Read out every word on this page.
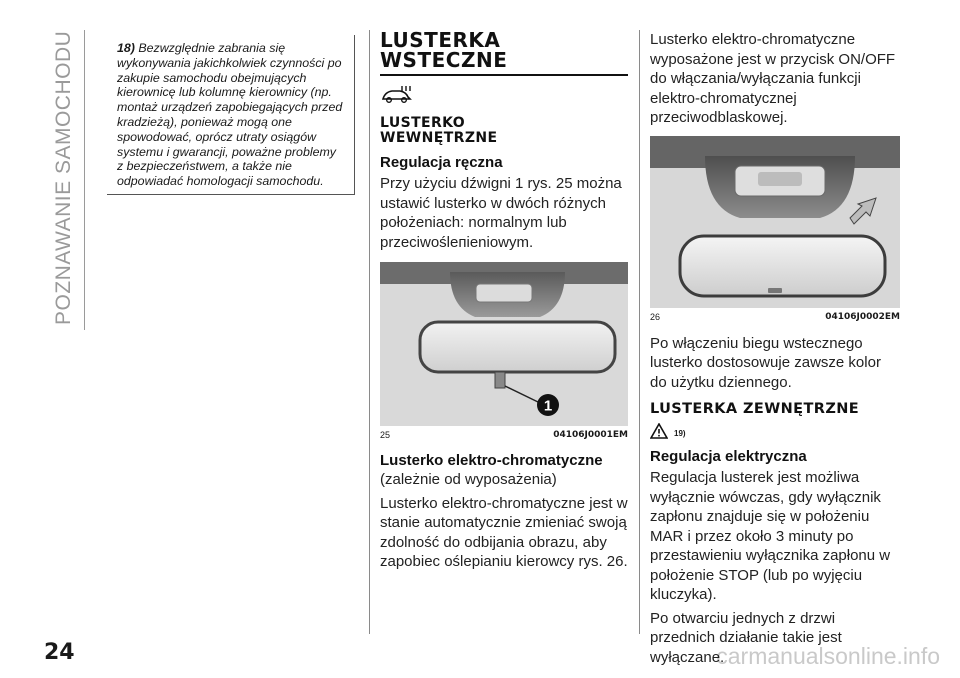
POZNAWANIE SAMOCHODU
24	carmanualsonline.info
18) Bezwzględnie zabrania się wykonywania jakichkolwiek czynności po zakupie samochodu obejmujących kierownicę lub kolumnę kierownicy (np. montaż urządzeń zapobiegających przed kradzieżą), ponieważ mogą one spowodować, oprócz utraty osiągów systemu i gwarancji, poważne problemy z bezpieczeństwem, a także nie odpowiadać homologacji samochodu.
LUSTERKA WSTECZNE
LUSTERKO WEWNĘTRZNE
Regulacja ręczna
Przy użyciu dźwigni 1 rys. 25 można ustawić lusterko w dwóch różnych położeniach: normalnym lub przeciwośleпieniowym.
1
25	04106J0001EM
Lusterko elektro-chromatyczne
(zależnie od wyposażenia)
Lusterko elektro-chromatyczne jest w stanie automatycznie zmieniać swoją zdolność do odbijania obrazu, aby zapobiec oślepianiu kierowcy rys. 26.
Lusterko elektro-chromatyczne wyposażone jest w przycisk ON/OFF do włączania/wyłączania funkcji elektro-chromatycznej przeciwodblaskowej.
26	04106J0002EM
Po włączeniu biegu wstecznego lusterko dostosowuje zawsze kolor do użytku dziennego.
LUSTERKA ZEWNĘTRZNE
19)
Regulacja elektryczna
Regulacja lusterek jest możliwa wyłącznie wówczas, gdy wyłącznik zapłonu znajduje się w położeniu MAR i przez około 3 minuty po przestawieniu wyłącznika zapłonu w położenie STOP (lub po wyjęciu kluczyka).
Po otwarciu jednych z drzwi przednich działanie takie jest wyłączane.
